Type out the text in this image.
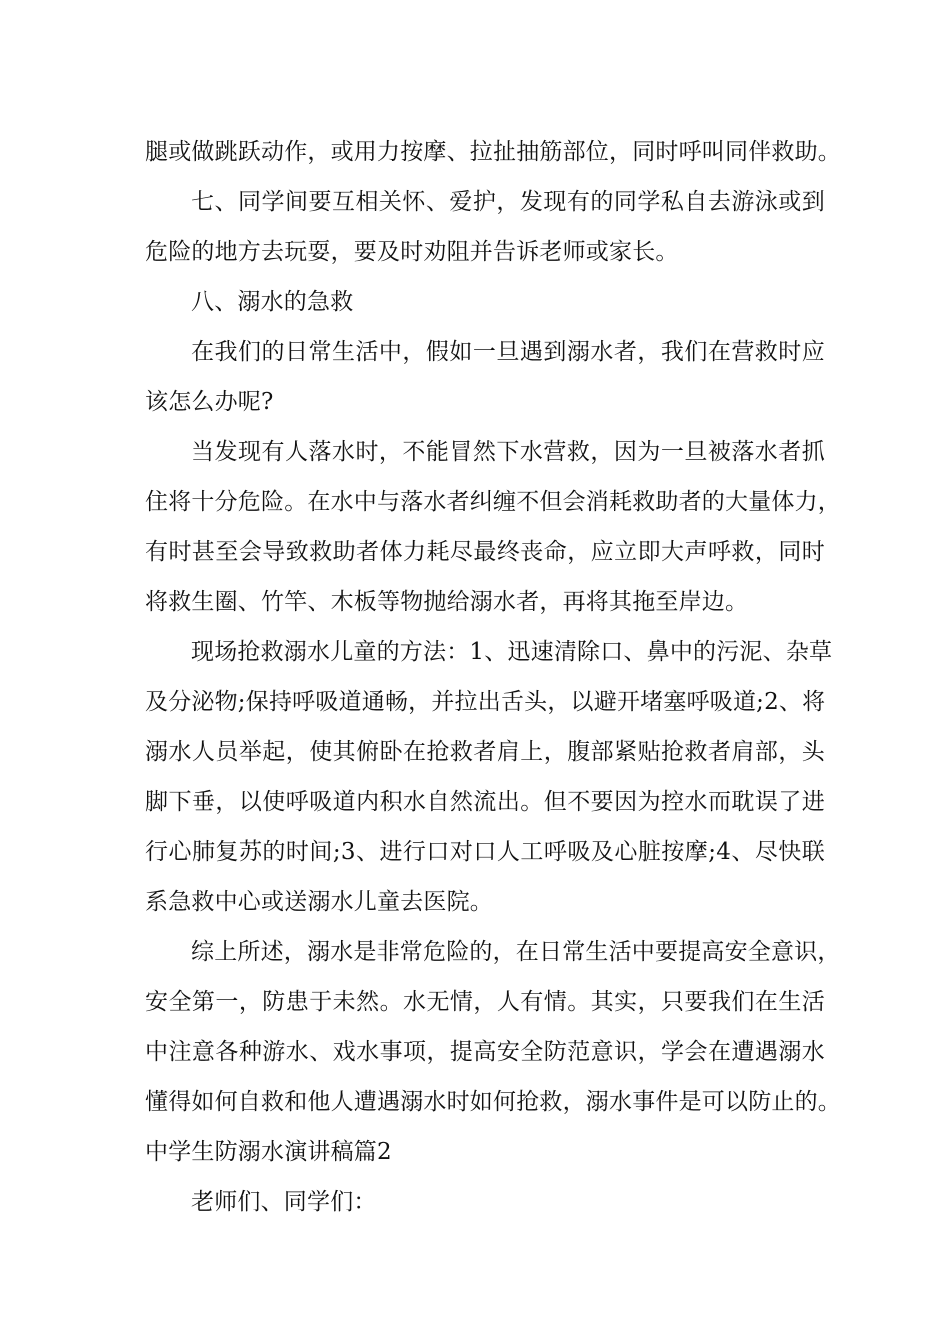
腿或做跳跃动作，或用力按摩、拉扯抽筋部位，同时呼叫同伴救助。
七、同学间要互相关怀、爱护，发现有的同学私自去游泳或到
危险的地方去玩耍，要及时劝阻并告诉老师或家长。
八、溺水的急救
在我们的日常生活中，假如一旦遇到溺水者，我们在营救时应
该怎么办呢?
当发现有人落水时，不能冒然下水营救，因为一旦被落水者抓
住将十分危险。在水中与落水者纠缠不但会消耗救助者的大量体力，
有时甚至会导致救助者体力耗尽最终丧命，应立即大声呼救，同时
将救生圈、竹竿、木板等物抛给溺水者，再将其拖至岸边。
现场抢救溺水儿童的方法：1、迅速清除口、鼻中的污泥、杂草
及分泌物;保持呼吸道通畅，并拉出舌头，以避开堵塞呼吸道;2、将
溺水人员举起，使其俯卧在抢救者肩上，腹部紧贴抢救者肩部，头
脚下垂，以使呼吸道内积水自然流出。但不要因为控水而耽误了进
行心肺复苏的时间;3、进行口对口人工呼吸及心脏按摩;4、尽快联
系急救中心或送溺水儿童去医院。
综上所述，溺水是非常危险的，在日常生活中要提高安全意识，
安全第一，防患于未然。水无情，人有情。其实，只要我们在生活
中注意各种游水、戏水事项，提高安全防范意识，学会在遭遇溺水
懂得如何自救和他人遭遇溺水时如何抢救，溺水事件是可以防止的。
中学生防溺水演讲稿篇2
老师们、同学们：
